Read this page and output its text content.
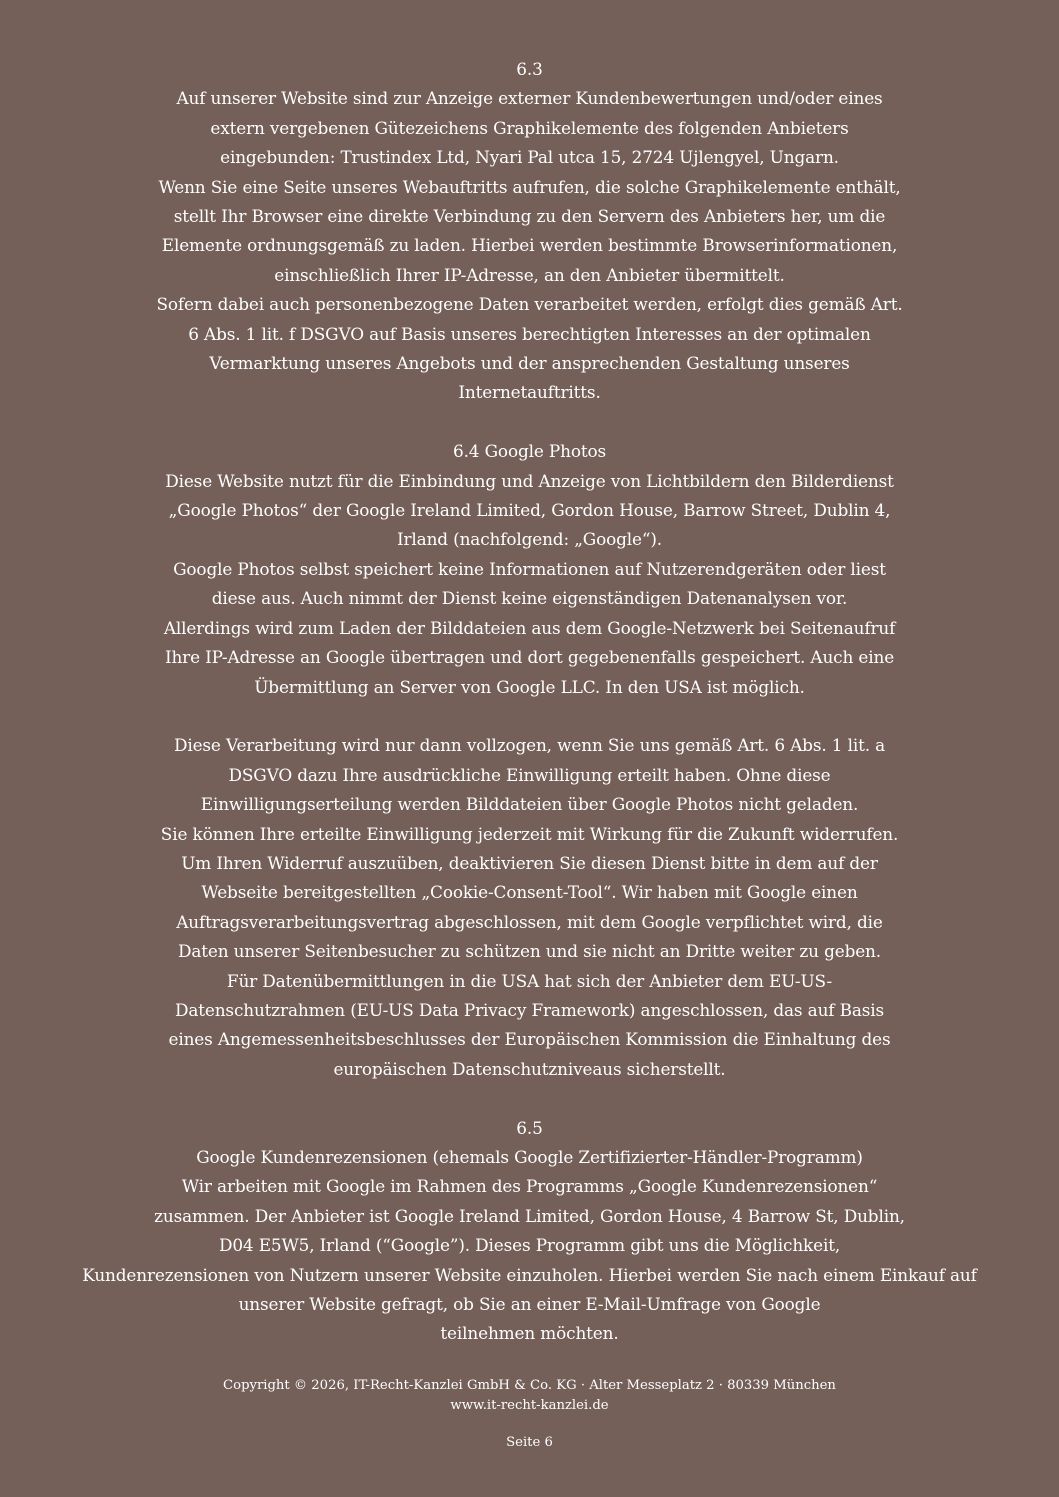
6.3
Auf unserer Website sind zur Anzeige externer Kundenbewertungen und/oder eines
extern vergebenen Gütezeichens Graphikelemente des folgenden Anbieters
eingebunden: Trustindex Ltd, Nyari Pal utca 15, 2724 Ujlengyel, Ungarn.
Wenn Sie eine Seite unseres Webauftritts aufrufen, die solche Graphikelemente enthält,
stellt Ihr Browser eine direkte Verbindung zu den Servern des Anbieters her, um die
Elemente ordnungsgemäß zu laden. Hierbei werden bestimmte Browserinformationen,
einschließlich Ihrer IP-Adresse, an den Anbieter übermittelt.
Sofern dabei auch personenbezogene Daten verarbeitet werden, erfolgt dies gemäß Art.
6 Abs. 1 lit. f DSGVO auf Basis unseres berechtigten Interesses an der optimalen
Vermarktung unseres Angebots und der ansprechenden Gestaltung unseres
Internetauftritts.
6.4 Google Photos
Diese Website nutzt für die Einbindung und Anzeige von Lichtbildern den Bilderdienst
„Google Photos“ der Google Ireland Limited, Gordon House, Barrow Street, Dublin 4,
Irland (nachfolgend: „Google“).
Google Photos selbst speichert keine Informationen auf Nutzerendgeräten oder liest
diese aus. Auch nimmt der Dienst keine eigenständigen Datenanalysen vor.
Allerdings wird zum Laden der Bilddateien aus dem Google-Netzwerk bei Seitenaufruf
Ihre IP-Adresse an Google übertragen und dort gegebenenfalls gespeichert. Auch eine
Übermittlung an Server von Google LLC. In den USA ist möglich.
Diese Verarbeitung wird nur dann vollzogen, wenn Sie uns gemäß Art. 6 Abs. 1 lit. a
DSGVO dazu Ihre ausdrückliche Einwilligung erteilt haben. Ohne diese
Einwilligungserteilung werden Bilddateien über Google Photos nicht geladen.
Sie können Ihre erteilte Einwilligung jederzeit mit Wirkung für die Zukunft widerrufen.
Um Ihren Widerruf auszuüben, deaktivieren Sie diesen Dienst bitte in dem auf der
Webseite bereitgestellten „Cookie-Consent-Tool“. Wir haben mit Google einen
Auftragsverarbeitungsvertrag abgeschlossen, mit dem Google verpflichtet wird, die
Daten unserer Seitenbesucher zu schützen und sie nicht an Dritte weiter zu geben.
Für Datenübermittlungen in die USA hat sich der Anbieter dem EU-US-
Datenschutzrahmen (EU-US Data Privacy Framework) angeschlossen, das auf Basis
eines Angemessenheitsbeschlusses der Europäischen Kommission die Einhaltung des
europäischen Datenschutzniveaus sicherstellt.
6.5
Google Kundenrezensionen (ehemals Google Zertifizierter-Händler-Programm)
Wir arbeiten mit Google im Rahmen des Programms „Google Kundenrezensionen“
zusammen. Der Anbieter ist Google Ireland Limited, Gordon House, 4 Barrow St, Dublin,
D04 E5W5, Irland (“Google”). Dieses Programm gibt uns die Möglichkeit,
Kundenrezensionen von Nutzern unserer Website einzuholen. Hierbei werden Sie nach einem Einkauf auf
unserer Website gefragt, ob Sie an einer E-Mail-Umfrage von Google
teilnehmen möchten.
Copyright © 2026, IT-Recht-Kanzlei GmbH & Co. KG · Alter Messeplatz 2 · 80339 München
www.it-recht-kanzlei.de
Seite 6
